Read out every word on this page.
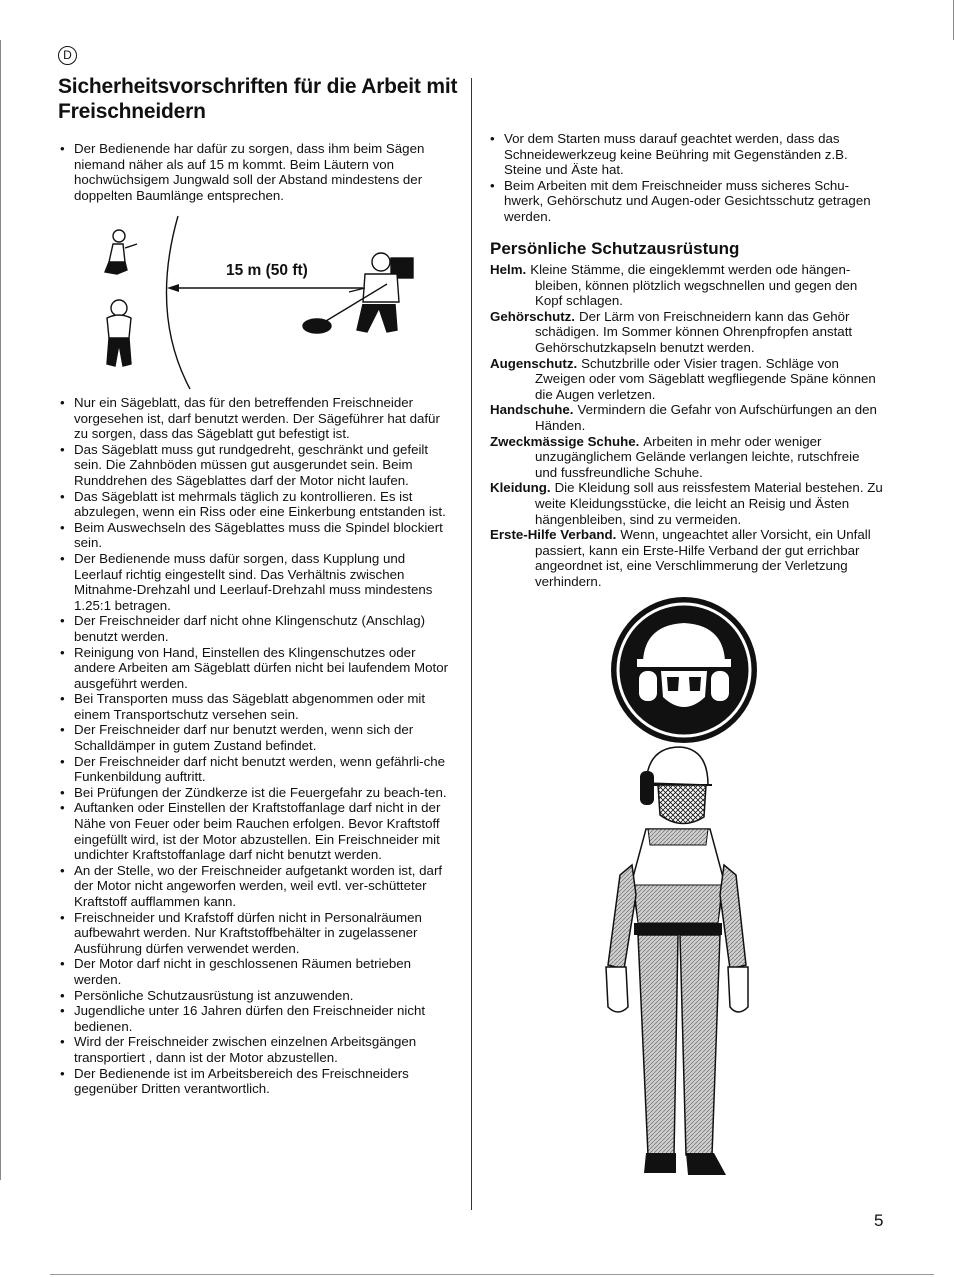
D
Sicherheitsvorschriften für die Arbeit mit Freischneidern
• Der Bedienende har dafür zu sorgen, dass ihm beim Sägen niemand näher als auf 15 m kommt. Beim Läutern von hochwüchsigem Jungwald soll der Abstand mindestens der doppelten Baumlänge entsprechen.
15 m (50 ft)
• Nur ein Sägeblatt, das für den betreffenden Freischneider vorgesehen ist, darf benutzt werden. Der Sägeführer hat dafür zu sorgen, dass das Sägeblatt gut befestigt ist.
• Das Sägeblatt muss gut rundgedreht, geschränkt und gefeilt sein. Die Zahnböden müssen gut ausgerundet sein. Beim Runddrehen des Sägeblattes darf der Motor nicht laufen.
• Das Sägeblatt ist mehrmals täglich zu kontrollieren. Es ist abzulegen, wenn ein Riss oder eine Einkerbung entstanden ist.
• Beim Auswechseln des Sägeblattes muss die Spindel blockiert sein.
• Der Bedienende muss dafür sorgen, dass Kupplung und Leerlauf richtig eingestellt sind. Das Verhältnis zwischen Mitnahme-Drehzahl und Leerlauf-Drehzahl muss mindestens 1.25:1 betragen.
• Der Freischneider darf nicht ohne Klingenschutz (Anschlag) benutzt werden.
• Reinigung von Hand, Einstellen des Klingenschutzes oder andere Arbeiten am Sägeblatt dürfen nicht bei laufendem Motor ausgeführt werden.
• Bei Transporten muss das Sägeblatt abgenommen oder mit einem Transportschutz versehen sein.
• Der Freischneider darf nur benutzt werden, wenn sich der Schalldämper in gutem Zustand befindet.
• Der Freischneider darf nicht benutzt werden, wenn gefährli-che Funkenbildung auftritt.
• Bei Prüfungen der Zündkerze ist die Feuergefahr zu beach-ten.
• Auftanken oder Einstellen der Kraftstoffanlage darf nicht in der Nähe von Feuer oder beim Rauchen erfolgen. Bevor Kraftstoff eingefüllt wird, ist der Motor abzustellen. Ein Freischneider mit undichter Kraftstoffanlage darf nicht benutzt werden.
• An der Stelle, wo der Freischneider aufgetankt worden ist, darf der Motor nicht angeworfen werden, weil evtl. ver-schütteter Kraftstoff aufflammen kann.
• Freischneider und Krafstoff dürfen nicht in Personalräumen aufbewahrt werden. Nur Kraftstoffbehälter in zugelassener Ausführung dürfen verwendet werden.
• Der Motor darf nicht in geschlossenen Räumen betrieben werden.
• Persönliche Schutzausrüstung ist anzuwenden.
• Jugendliche unter 16 Jahren dürfen den Freischneider nicht bedienen.
• Wird der Freischneider zwischen einzelnen Arbeitsgängen transportiert , dann ist der Motor abzustellen.
• Der Bedienende ist im Arbeitsbereich des Freischneiders gegenüber Dritten verantwortlich.
• Vor dem Starten muss darauf geachtet werden, dass das Schneidewerkzeug keine Beühring mit Gegenständen z.B. Steine und Äste hat.
• Beim Arbeiten mit dem Freischneider muss sicheres Schu-hwerk, Gehörschutz und Augen-oder Gesichtsschutz getragen werden.
Persönliche Schutzausrüstung

Helm. Kleine Stämme, die eingeklemmt werden ode hängen-bleiben, können plötzlich wegschnellen und gegen den Kopf schlagen.

Gehörschutz. Der Lärm von Freischneidern kann das Gehör schädigen. Im Sommer können Ohrenpfropfen anstatt Gehörschutzkapseln benutzt werden.

Augenschutz. Schutzbrille oder Visier tragen. Schläge von Zweigen oder vom Sägeblatt wegfliegende Späne können die Augen verletzen.

Handschuhe. Vermindern die Gefahr von Aufschürfungen an den Händen.

Zweckmässige Schuhe. Arbeiten in mehr oder weniger unzugänglichem Gelände verlangen leichte, rutschfreie und fussfreundliche Schuhe.

Kleidung. Die Kleidung soll aus reissfestem Material bestehen. Zu weite Kleidungsstücke, die leicht an Reisig und Ästen hängenbleiben, sind zu vermeiden.

Erste-Hilfe Verband. Wenn, ungeachtet aller Vorsicht, ein Unfall passiert, kann ein Erste-Hilfe Verband der gut errichbar angeordnet ist, eine Verschlimmerung der Verletzung verhindern.

5
